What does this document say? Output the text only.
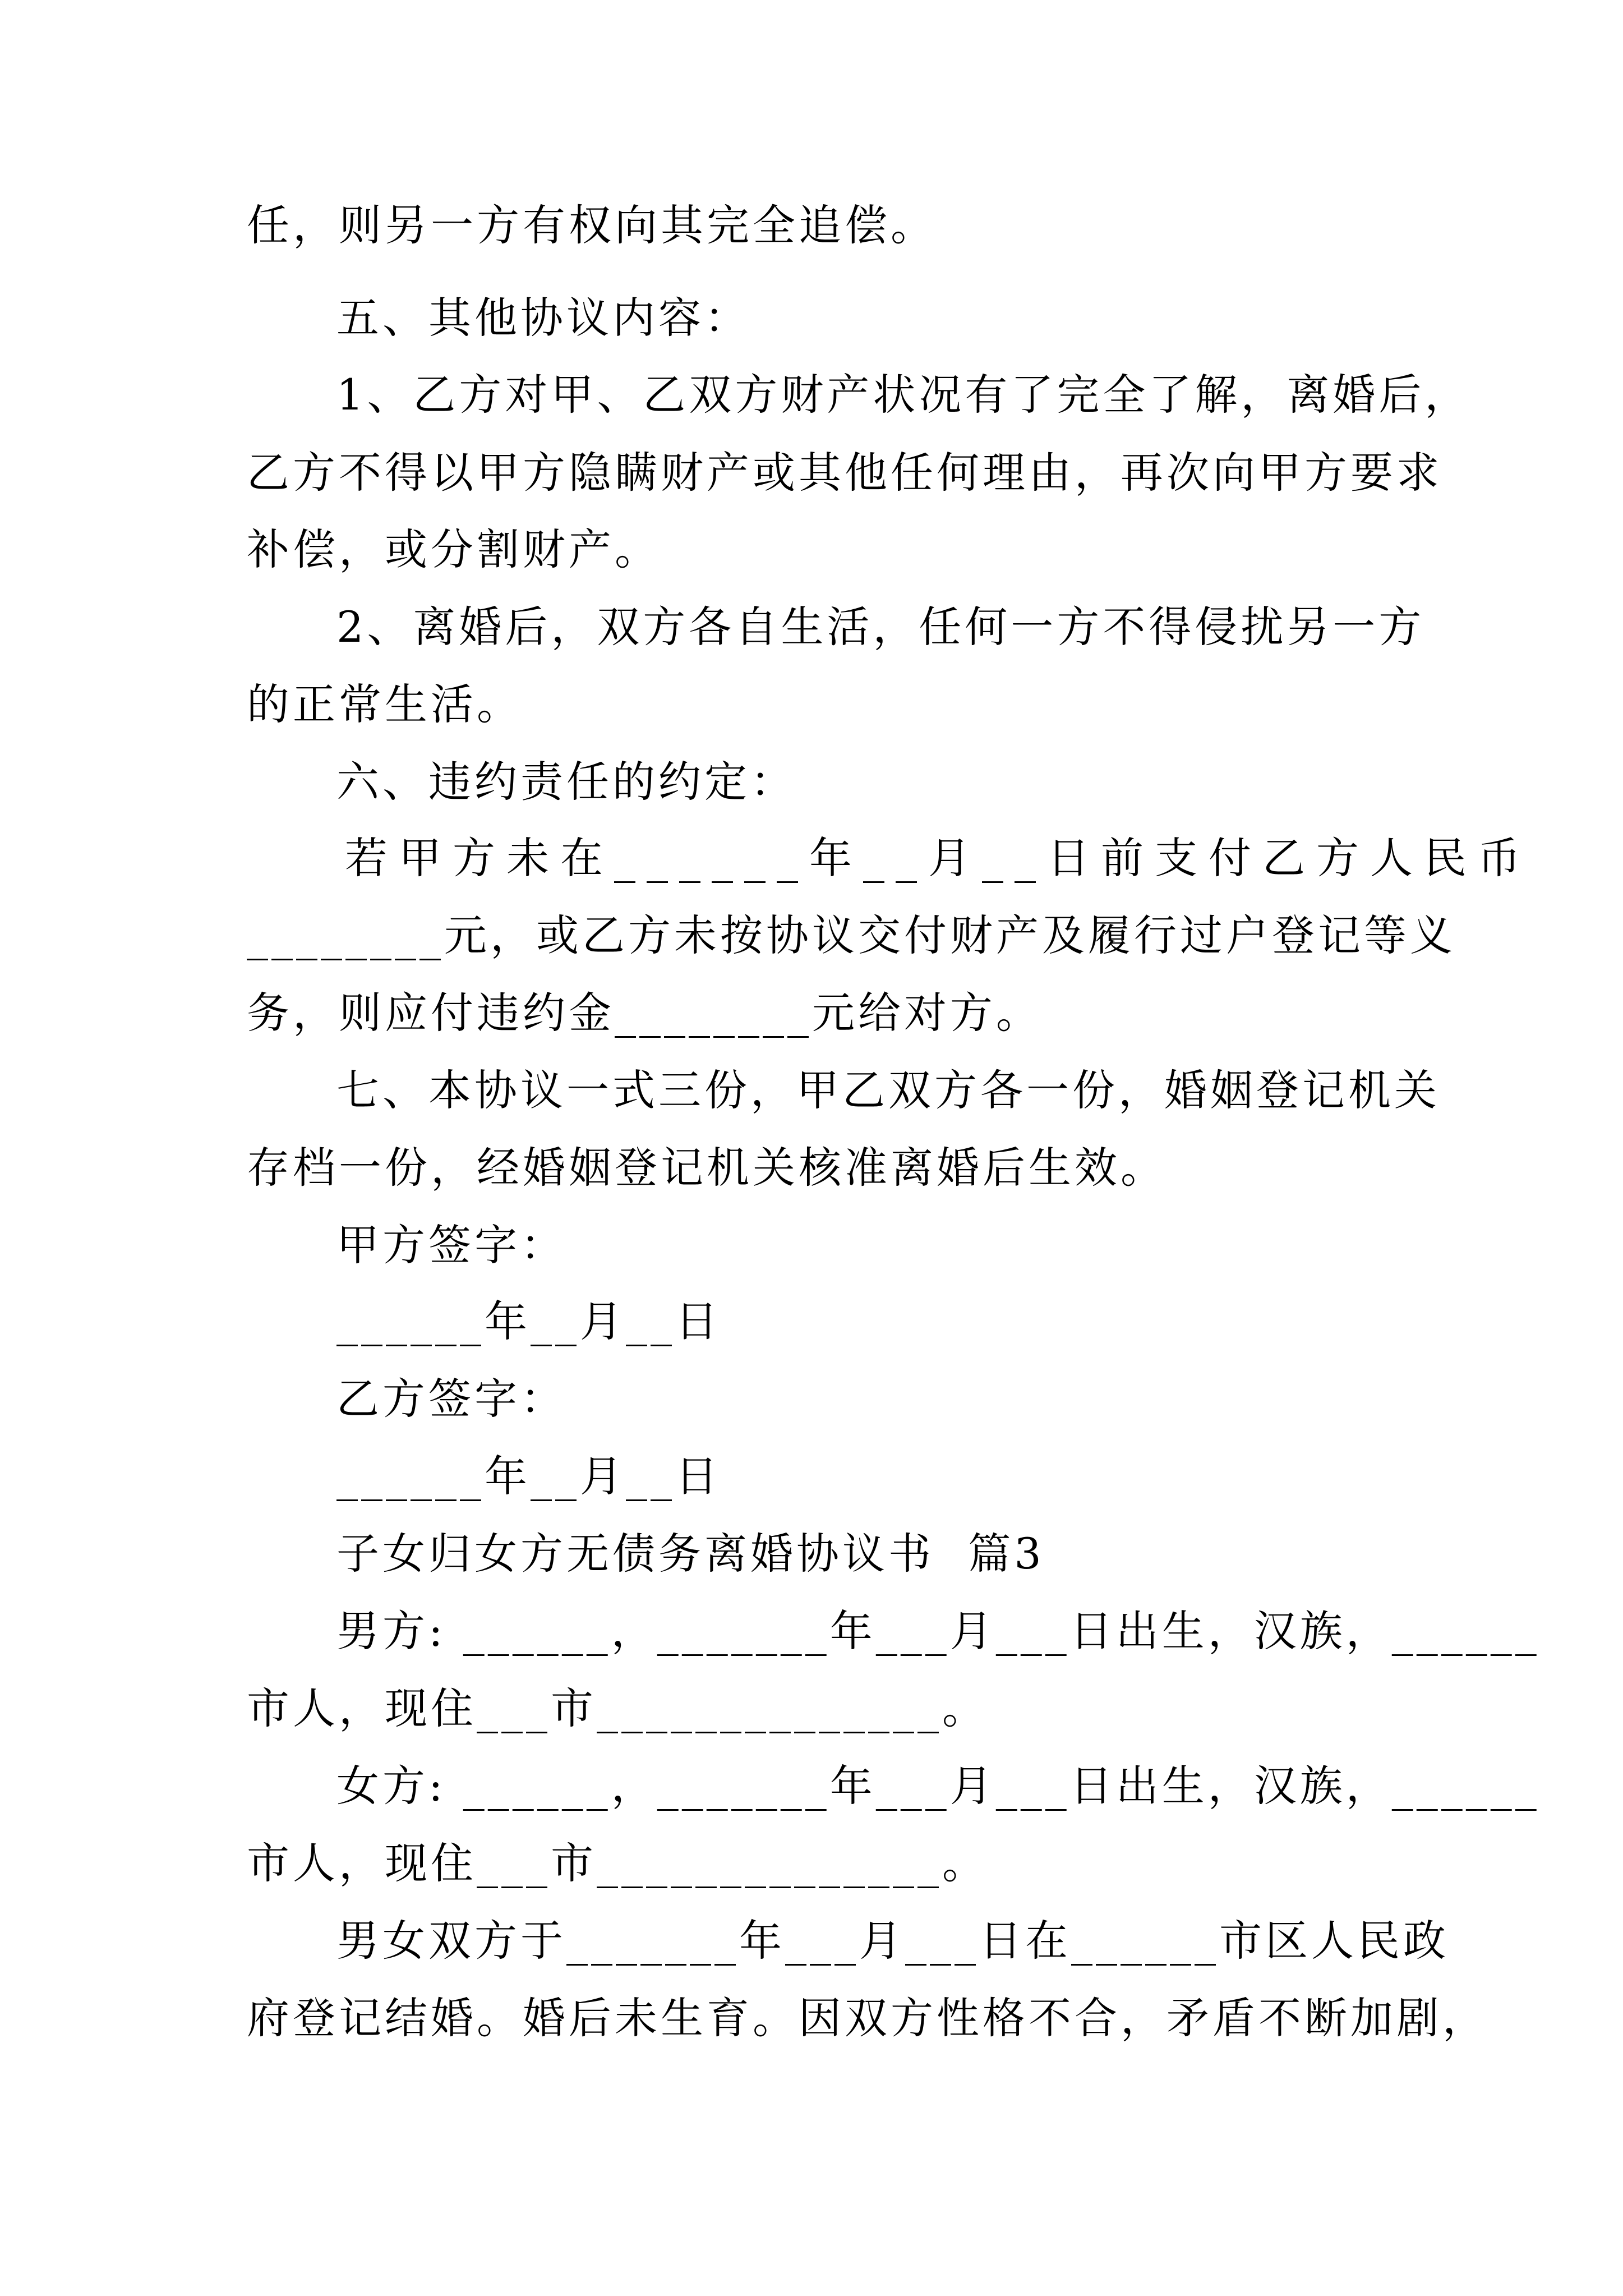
任，则另一方有权向其完全追偿。
五、其他协议内容：
1、乙方对甲、乙双方财产状况有了完全了解，离婚后，
乙方不得以甲方隐瞒财产或其他任何理由，再次向甲方要求
补偿，或分割财产。
2、离婚后，双方各自生活，任何一方不得侵扰另一方
的正常生活。
六、违约责任的约定：
若甲方未在______年__月__日前支付乙方人民币
________元，或乙方未按协议交付财产及履行过户登记等义
务，则应付违约金________元给对方。
七、本协议一式三份，甲乙双方各一份，婚姻登记机关
存档一份，经婚姻登记机关核准离婚后生效。
甲方签字：
______年__月__日
乙方签字：
______年__月__日
子女归女方无债务离婚协议书  篇3
男方: ______，_______年___月___日出生，汉族，______
市人，现住___市______________。
女方: ______，_______年___月___日出生，汉族，______
市人，现住___市______________。
男女双方于_______年___月___日在______市区人民政
府登记结婚。婚后未生育。因双方性格不合，矛盾不断加剧，
